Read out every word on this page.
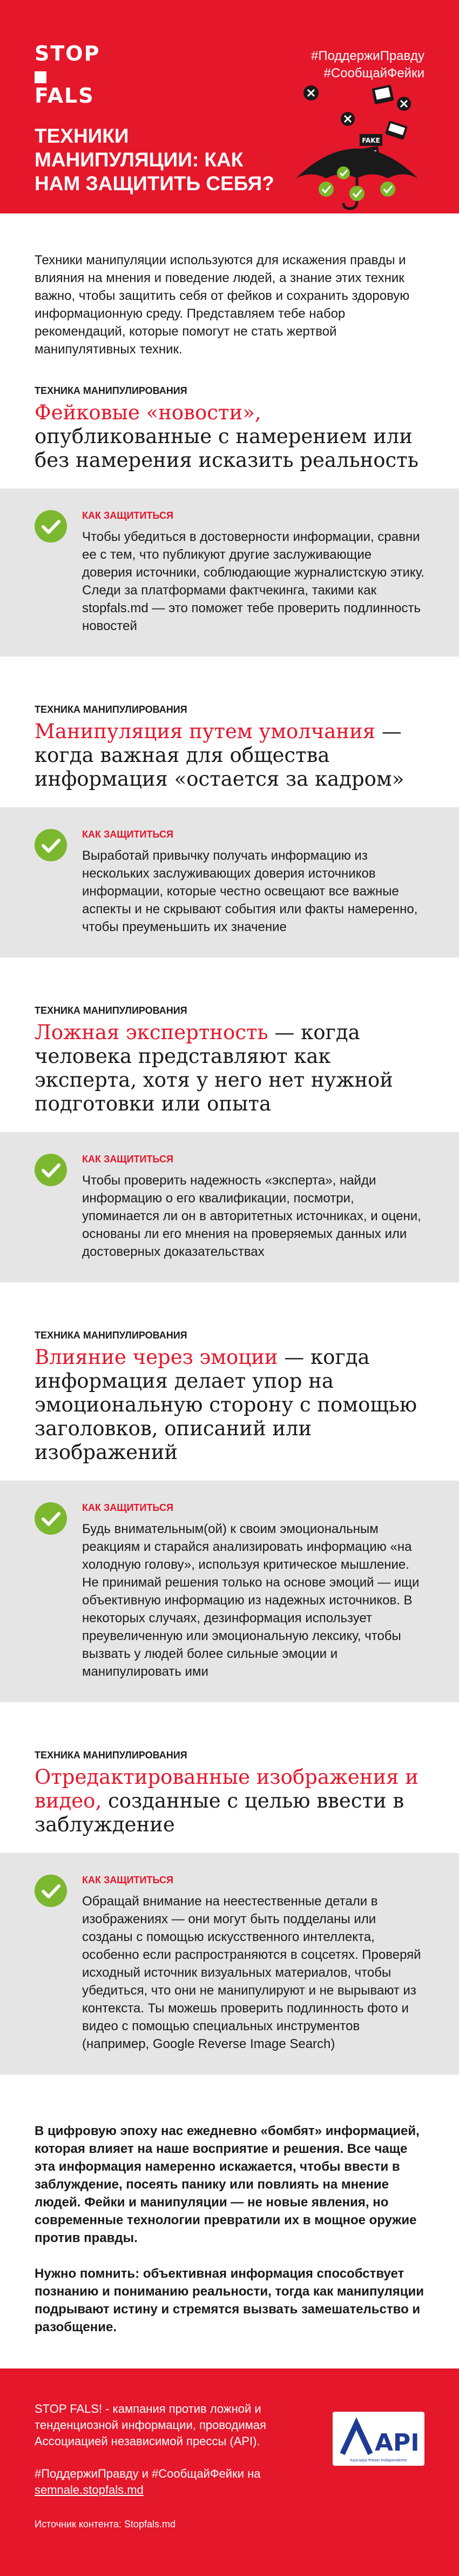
STOP
FALS
#ПоддержиПравду
#СообщайФейки
ТЕХНИКИ МАНИПУЛЯЦИИ: КАК НАМ ЗАЩИТИТЬ СЕБЯ?
FAKE
Техники манипуляции используются для искажения правды и влияния на мнения и поведение людей, а знание этих техник важно, чтобы защитить себя от фейков и сохранить здоровую информационную среду. Представляем тебе набор рекомендаций, которые помогут не стать жертвой манипулятивных техник.
ТЕХНИКА МАНИПУЛИРОВАНИЯ
Фейковые «новости», опубликованные с намерением или без намерения исказить реальность
КАК ЗАЩИТИТЬСЯ
Чтобы убедиться в достоверности информации, сравни ее с тем, что публикуют другие заслуживающие доверия источники, соблюдающие журналистскую этику. Следи за платформами фактчекинга, такими как stopfals.md — это поможет тебе проверить подлинность новостей
ТЕХНИКА МАНИПУЛИРОВАНИЯ
Манипуляция путем умолчания — когда важная для общества информация «остается за кадром»
КАК ЗАЩИТИТЬСЯ
Выработай привычку получать информацию из нескольких заслуживающих доверия источников информации, которые честно освещают все важные аспекты и не скрывают события или факты намеренно, чтобы преуменьшить их значение
ТЕХНИКА МАНИПУЛИРОВАНИЯ
Ложная экспертность — когда человека представляют как эксперта, хотя у него нет нужной подготовки или опыта
КАК ЗАЩИТИТЬСЯ
Чтобы проверить надежность «эксперта», найди информацию о его квалификации, посмотри, упоминается ли он в авторитетных источниках, и оцени, основаны ли его мнения на проверяемых данных или достоверных доказательствах
ТЕХНИКА МАНИПУЛИРОВАНИЯ
Влияние через эмоции — когда информация делает упор на эмоциональную сторону с помощью заголовков, описаний или изображений
КАК ЗАЩИТИТЬСЯ
Будь внимательным(ой) к своим эмоциональным реакциям и старайся анализировать информацию «на холодную голову», используя критическое мышление. Не принимай решения только на основе эмоций — ищи объективную информацию из надежных источников. В некоторых случаях, дезинформация использует преувеличенную или эмоциональную лексику, чтобы вызвать у людей более сильные эмоции и манипулировать ими
ТЕХНИКА МАНИПУЛИРОВАНИЯ
Отредактированные изображения и видео, созданные с целью ввести в заблуждение
КАК ЗАЩИТИТЬСЯ
Обращай внимание на неестественные детали в изображениях — они могут быть подделаны или созданы с помощью искусственного интеллекта, особенно если распространяются в соцсетях. Проверяй исходный источник визуальных материалов, чтобы убедиться, что они не манипулируют и не вырывают из контекста. Ты можешь проверить подлинность фото и видео с помощью специальных инструментов (например, Google Reverse Image Search)

В цифровую эпоху нас ежедневно «бомбят» информацией, которая влияет на наше восприятие и решения. Все чаще эта информация намеренно искажается, чтобы ввести в заблуждение, посеять панику или повлиять на мнение людей. Фейки и манипуляции — не новые явления, но современные технологии превратили их в мощное оружие против правды.

Нужно помнить: объективная информация способствует познанию и пониманию реальности, тогда как манипуляции подрывают истину и стремятся вызвать замешательство и разобщение.

STOP FALS! - кампания против ложной и тенденциозной информации, проводимая Ассоциацией независимой прессы (API).
#ПоддержиПравду и #СообщайФейки на
semnale.stopfals.md
Источник контента: Stopfals.md
API
Asociaţia Presei Independente
